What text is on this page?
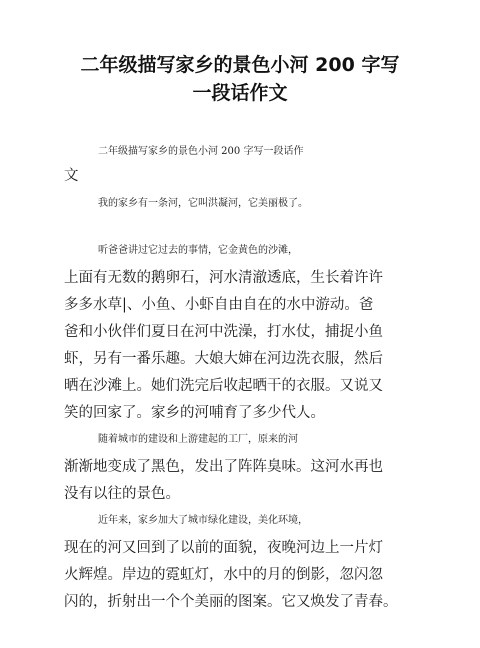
二年级描写家乡的景色小河 200 字写
一段话作文
二年级描写家乡的景色小河 200 字写一段话作
文
我的家乡有一条河，它叫洪凝河，它美丽极了。
听爸爸讲过它过去的事情，它金黄色的沙滩，
上面有无数的鹅卵石，河水清澈透底，生长着许许
多多水草|、小鱼、小虾自由自在的水中游动。爸
爸和小伙伴们夏日在河中洗澡，打水仗，捕捉小鱼
虾，另有一番乐趣。大娘大婶在河边洗衣服，然后
晒在沙滩上。她们洗完后收起晒干的衣服。又说又
笑的回家了。家乡的河哺育了多少代人。
随着城市的建设和上游建起的工厂，原来的河
渐渐地变成了黑色，发出了阵阵臭味。这河水再也
没有以往的景色。
近年来，家乡加大了城市绿化建设，美化环境，
现在的河又回到了以前的面貌，夜晚河边上一片灯
火辉煌。岸边的霓虹灯，水中的月的倒影，忽闪忽
闪的，折射出一个个美丽的图案。它又焕发了青春。
